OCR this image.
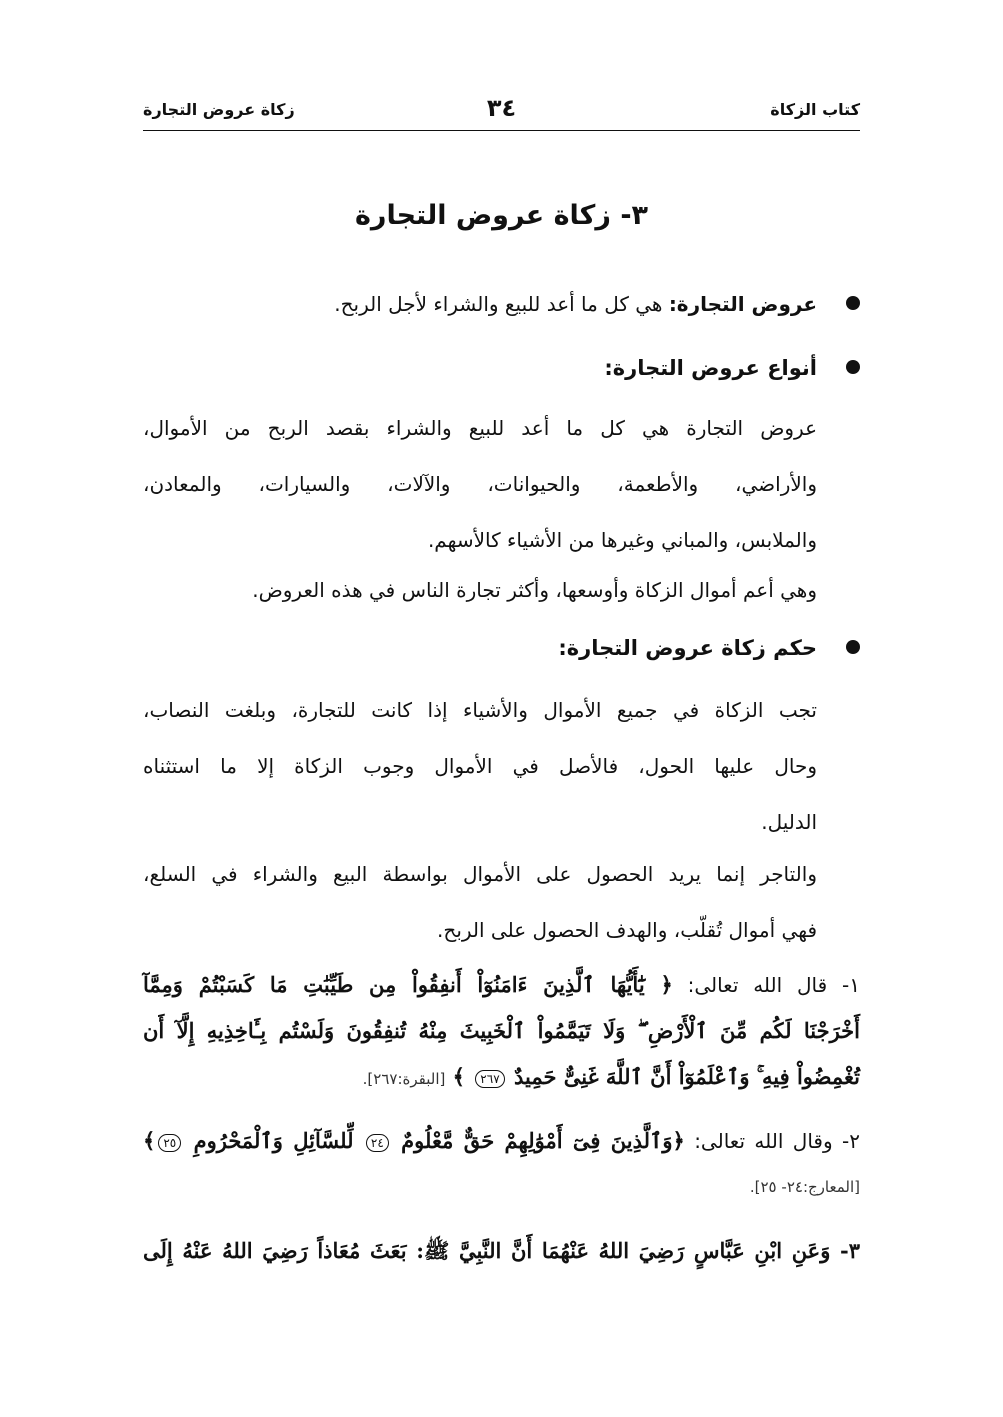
كتاب الزكاة
٣٤
زكاة عروض التجارة
٣- زكاة عروض التجارة
عروض التجارة: هي كل ما أعد للبيع والشراء لأجل الربح.
أنواع عروض التجارة:
عروض التجارة هي كل ما أعد للبيع والشراء بقصد الربح من الأموال،
والأراضي، والأطعمة، والحيوانات، والآلات، والسيارات، والمعادن،
والملابس، والمباني وغيرها من الأشياء كالأسهم.
وهي أعم أموال الزكاة وأوسعها، وأكثر تجارة الناس في هذه العروض.
حكم زكاة عروض التجارة:
تجب الزكاة في جميع الأموال والأشياء إذا كانت للتجارة، وبلغت النصاب،
وحال عليها الحول، فالأصل في الأموال وجوب الزكاة إلا ما استثناه
الدليل.
والتاجر إنما يريد الحصول على الأموال بواسطة البيع والشراء في السلع،
فهي أموال تُقلّب، والهدف الحصول على الربح.
١- قال الله تعالى: ﴿ يَٰٓأَيُّهَا ٱلَّذِينَ ءَامَنُوٓاْ أَنفِقُواْ مِن طَيِّبَٰتِ مَا كَسَبْتُمْ وَمِمَّآ
أَخْرَجْنَا لَكُم مِّنَ ٱلْأَرْضِ ۖ وَلَا تَيَمَّمُواْ ٱلْخَبِيثَ مِنْهُ تُنفِقُونَ وَلَسْتُم بِـَٔاخِذِيهِ إِلَّآ أَن
تُغْمِضُواْ فِيهِ ۚ وَٱعْلَمُوٓاْ أَنَّ ٱللَّهَ غَنِىٌّ حَمِيدٌ ٢٦٧ ﴾ [البقرة:٢٦٧].
٢- وقال الله تعالى: ﴿وَٱلَّذِينَ فِىٓ أَمْوَٰلِهِمْ حَقٌّ مَّعْلُومٌ ٢٤ لِّلسَّآئِلِ وَٱلْمَحْرُومِ ٢٥﴾
[المعارج:٢٤- ٢٥].
٣- وَعَنِ ابْنِ عَبَّاسٍ رَضِيَ اللهُ عَنْهُمَا أَنَّ النَّبِيَّ ﷺ: بَعَثَ مُعَاذاً رَضِيَ اللهُ عَنْهُ إِلَى
